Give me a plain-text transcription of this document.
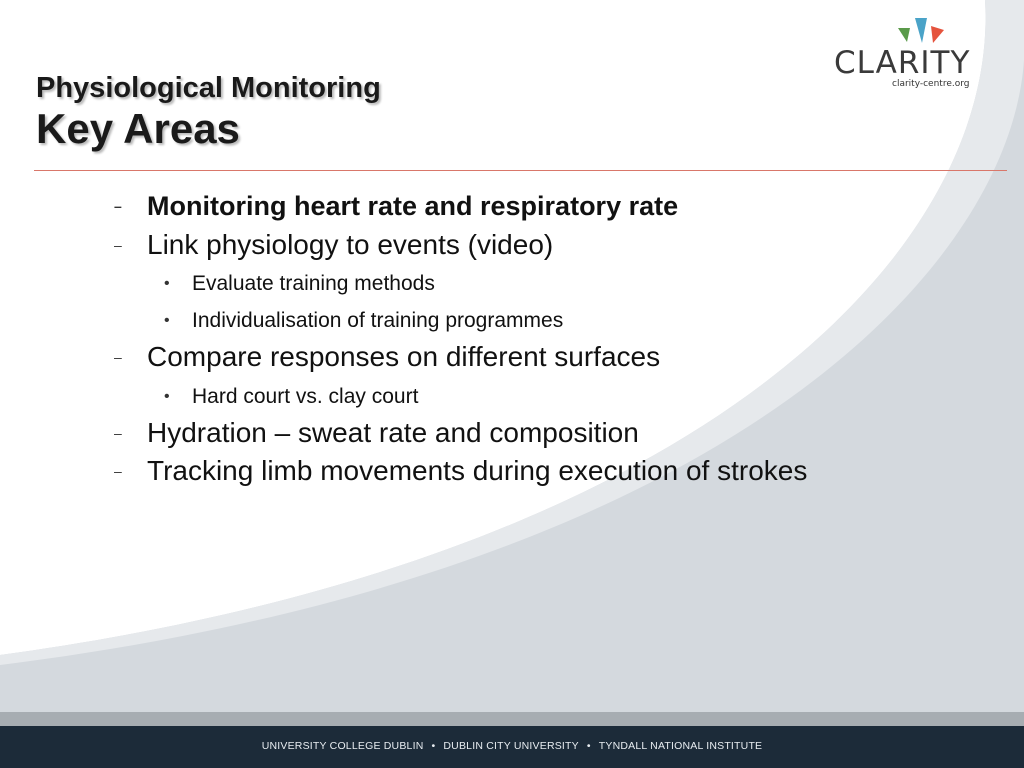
CLARITY
clarity-centre.org
Physiological Monitoring
Key Areas
– Monitoring heart rate and respiratory rate
– Link physiology to events (video)
• Evaluate training methods
• Individualisation of training programmes
– Compare responses on different surfaces
• Hard court vs. clay court
– Hydration – sweat rate and composition
– Tracking limb movements during execution of strokes
UNIVERSITY COLLEGE DUBLIN • DUBLIN CITY UNIVERSITY • TYNDALL NATIONAL INSTITUTE
